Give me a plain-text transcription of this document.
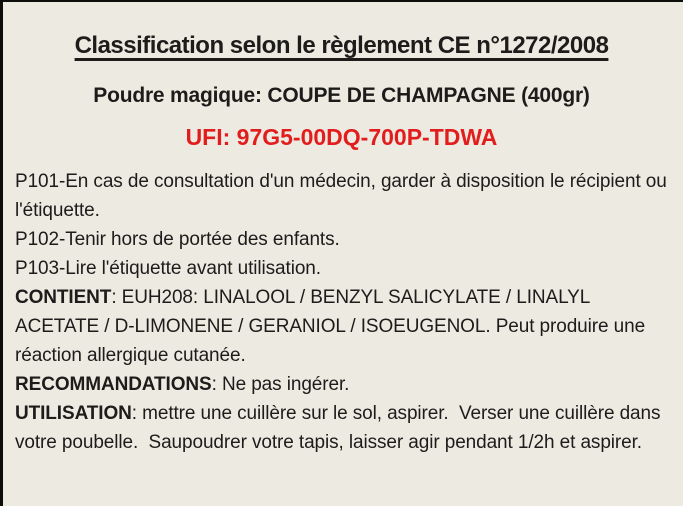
Classification selon le règlement CE n°1272/2008
Poudre magique: COUPE DE CHAMPAGNE (400gr)
UFI: 97G5-00DQ-700P-TDWA

P101-En cas de consultation d'un médecin, garder à disposition le récipient ou l'étiquette.

P102-Tenir hors de portée des enfants.

P103-Lire l'étiquette avant utilisation.

CONTIENT: EUH208: LINALOOL / BENZYL SALICYLATE / LINALYL ACETATE / D-LIMONENE / GERANIOL / ISOEUGENOL. Peut produire une réaction allergique cutanée.

RECOMMANDATIONS: Ne pas ingérer.

UTILISATION: mettre une cuillère sur le sol, aspirer.  Verser une cuillère dans votre poubelle.  Saupoudrer votre tapis, laisser agir pendant 1/2h et aspirer.
